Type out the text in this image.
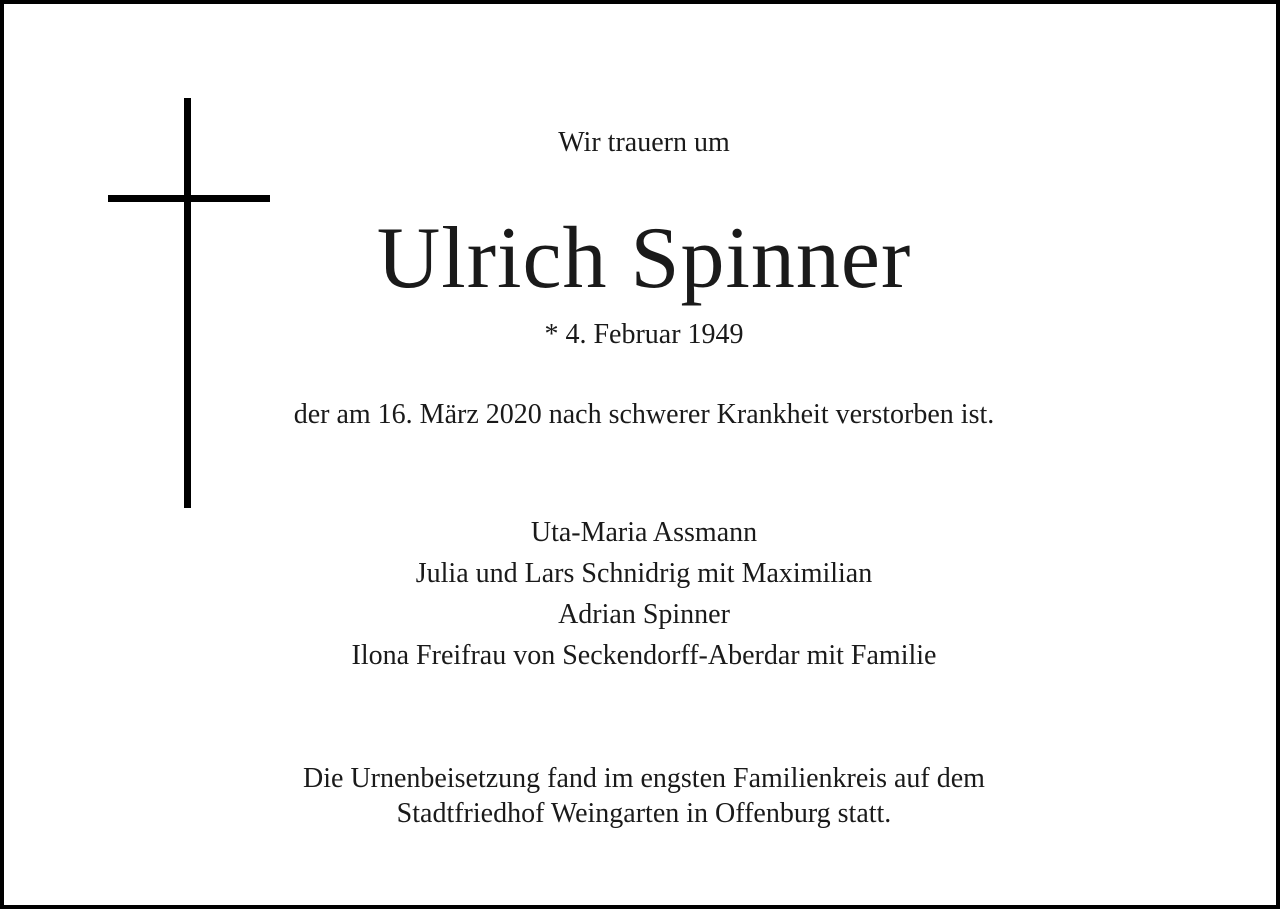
Wir trauern um
Ulrich Spinner
* 4. Februar 1949
der am 16. März 2020 nach schwerer Krankheit verstorben ist.
Uta-Maria Assmann
Julia und Lars Schnidrig mit Maximilian
Adrian Spinner
Ilona Freifrau von Seckendorff-Aberdar mit Familie
Die Urnenbeisetzung fand im engsten Familienkreis auf dem
Stadtfriedhof Weingarten in Offenburg statt.
